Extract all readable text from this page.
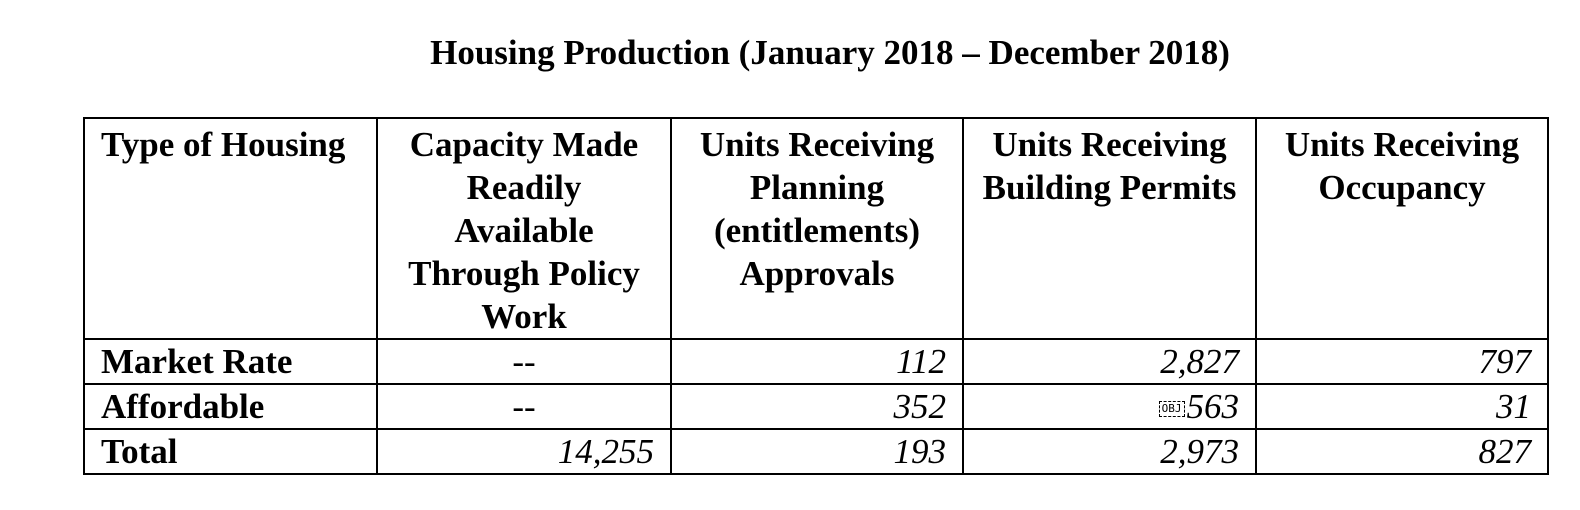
Housing Production (January 2018 – December 2018)
Type of Housing	Capacity Made Readily Available Through Policy Work	Units Receiving Planning (entitlements) Approvals	Units Receiving Building Permits	Units Receiving Occupancy
Market Rate	--	112	2,827	797
Affordable	--	352	OBJ 563	31
Total	14,255	193	2,973	827
